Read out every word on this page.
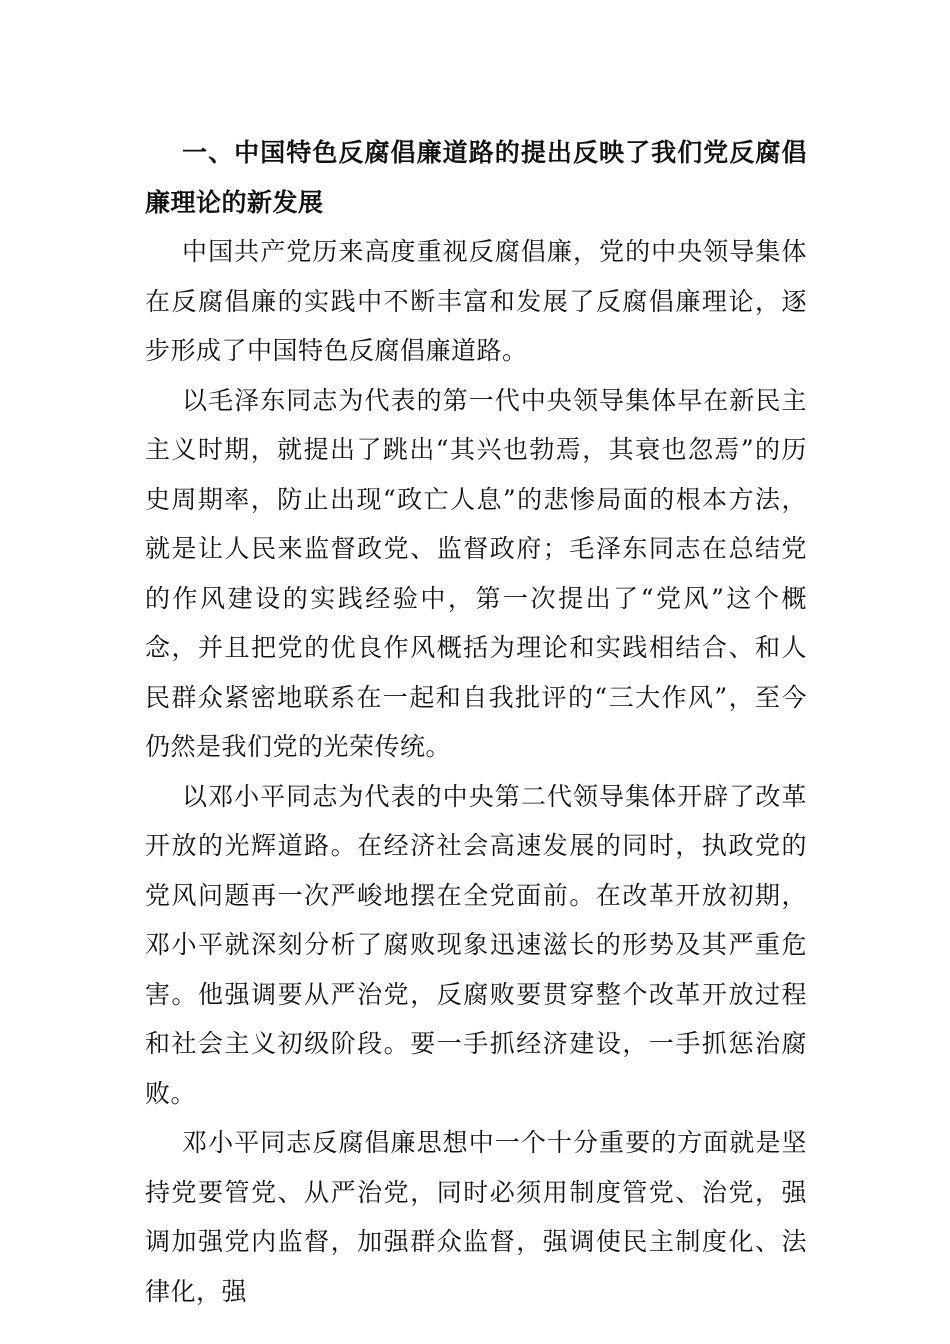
一、中国特色反腐倡廉道路的提出反映了我们党反腐倡廉理论的新发展

中国共产党历来高度重视反腐倡廉，党的中央领导集体在反腐倡廉的实践中不断丰富和发展了反腐倡廉理论，逐步形成了中国特色反腐倡廉道路。

以毛泽东同志为代表的第一代中央领导集体早在新民主主义时期，就提出了跳出“其兴也勃焉，其衰也忽焉”的历史周期率，防止出现“政亡人息”的悲惨局面的根本方法，就是让人民来监督政党、监督政府；毛泽东同志在总结党的作风建设的实践经验中，第一次提出了“党风”这个概念，并且把党的优良作风概括为理论和实践相结合、和人民群众紧密地联系在一起和自我批评的“三大作风”，至今仍然是我们党的光荣传统。

以邓小平同志为代表的中央第二代领导集体开辟了改革开放的光辉道路。在经济社会高速发展的同时，执政党的党风问题再一次严峻地摆在全党面前。在改革开放初期，邓小平就深刻分析了腐败现象迅速滋长的形势及其严重危害。他强调要从严治党，反腐败要贯穿整个改革开放过程和社会主义初级阶段。要一手抓经济建设，一手抓惩治腐败。

邓小平同志反腐倡廉思想中一个十分重要的方面就是坚持党要管党、从严治党，同时必须用制度管党、治党，强调加强党内监督，加强群众监督，强调使民主制度化、法律化，强
